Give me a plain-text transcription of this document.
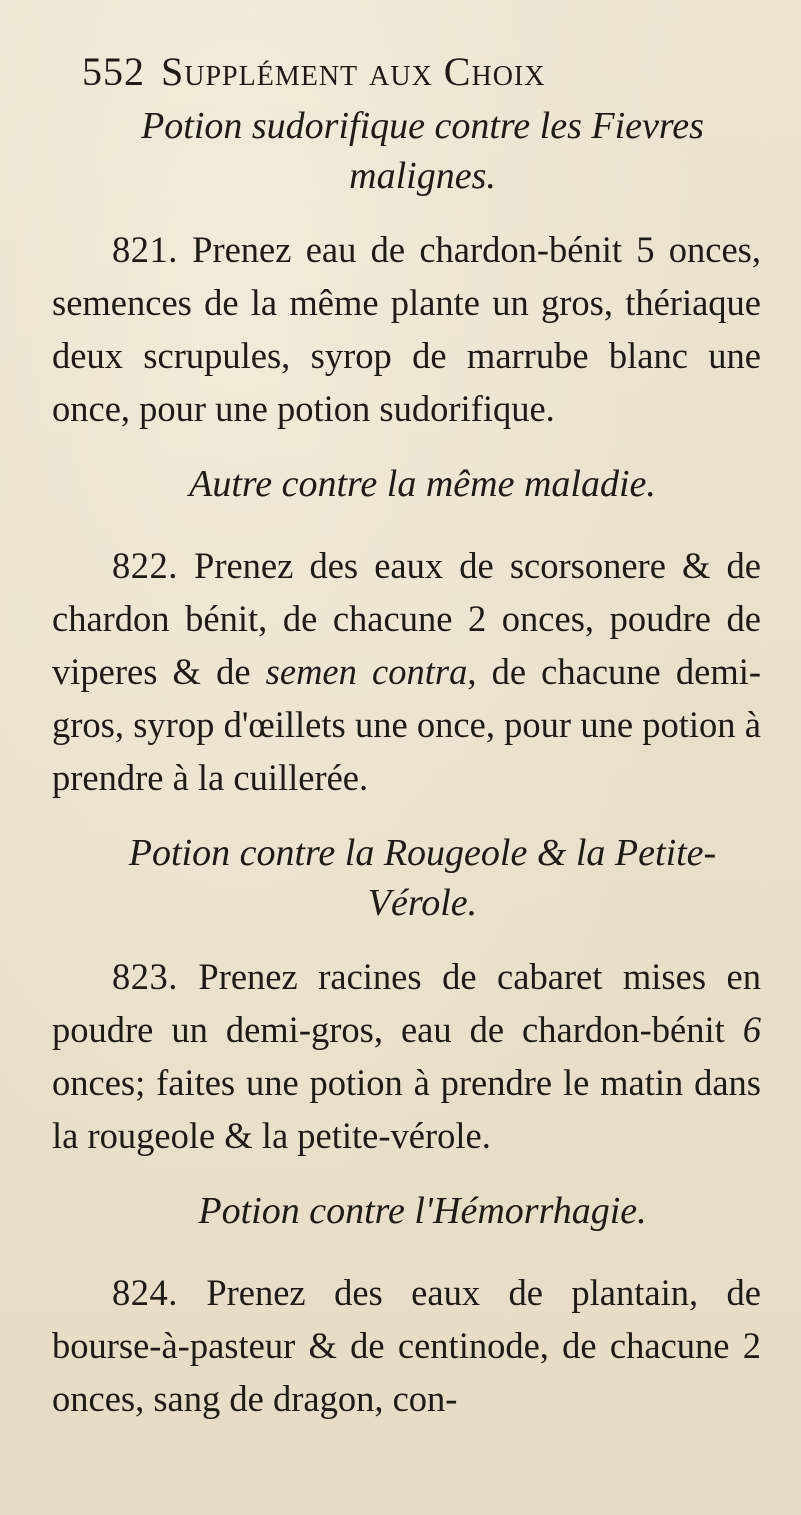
552 Supplément aux Choix
Potion sudorifique contre les Fievres malignes.

821. Prenez eau de chardon-bénit 5 onces, semences de la même plante un gros, thériaque deux scrupules, syrop de marrube blanc une once, pour une potion sudorifique.

Autre contre la même maladie.

822. Prenez des eaux de scorsonere & de chardon bénit, de chacune 2 onces, poudre de viperes & de semen contra, de chacune demi-gros, syrop d'œillets une once, pour une potion à prendre à la cuillerée.

Potion contre la Rougeole & la Petite-Vérole.

823. Prenez racines de cabaret mises en poudre un demi-gros, eau de chardon-bénit 6 onces; faites une potion à prendre le matin dans la rougeole & la petite-vérole.

Potion contre l'Hémorrhagie.

824. Prenez des eaux de plantain, de bourse-à-pasteur & de centinode, de chacune 2 onces, sang de dragon, con-
